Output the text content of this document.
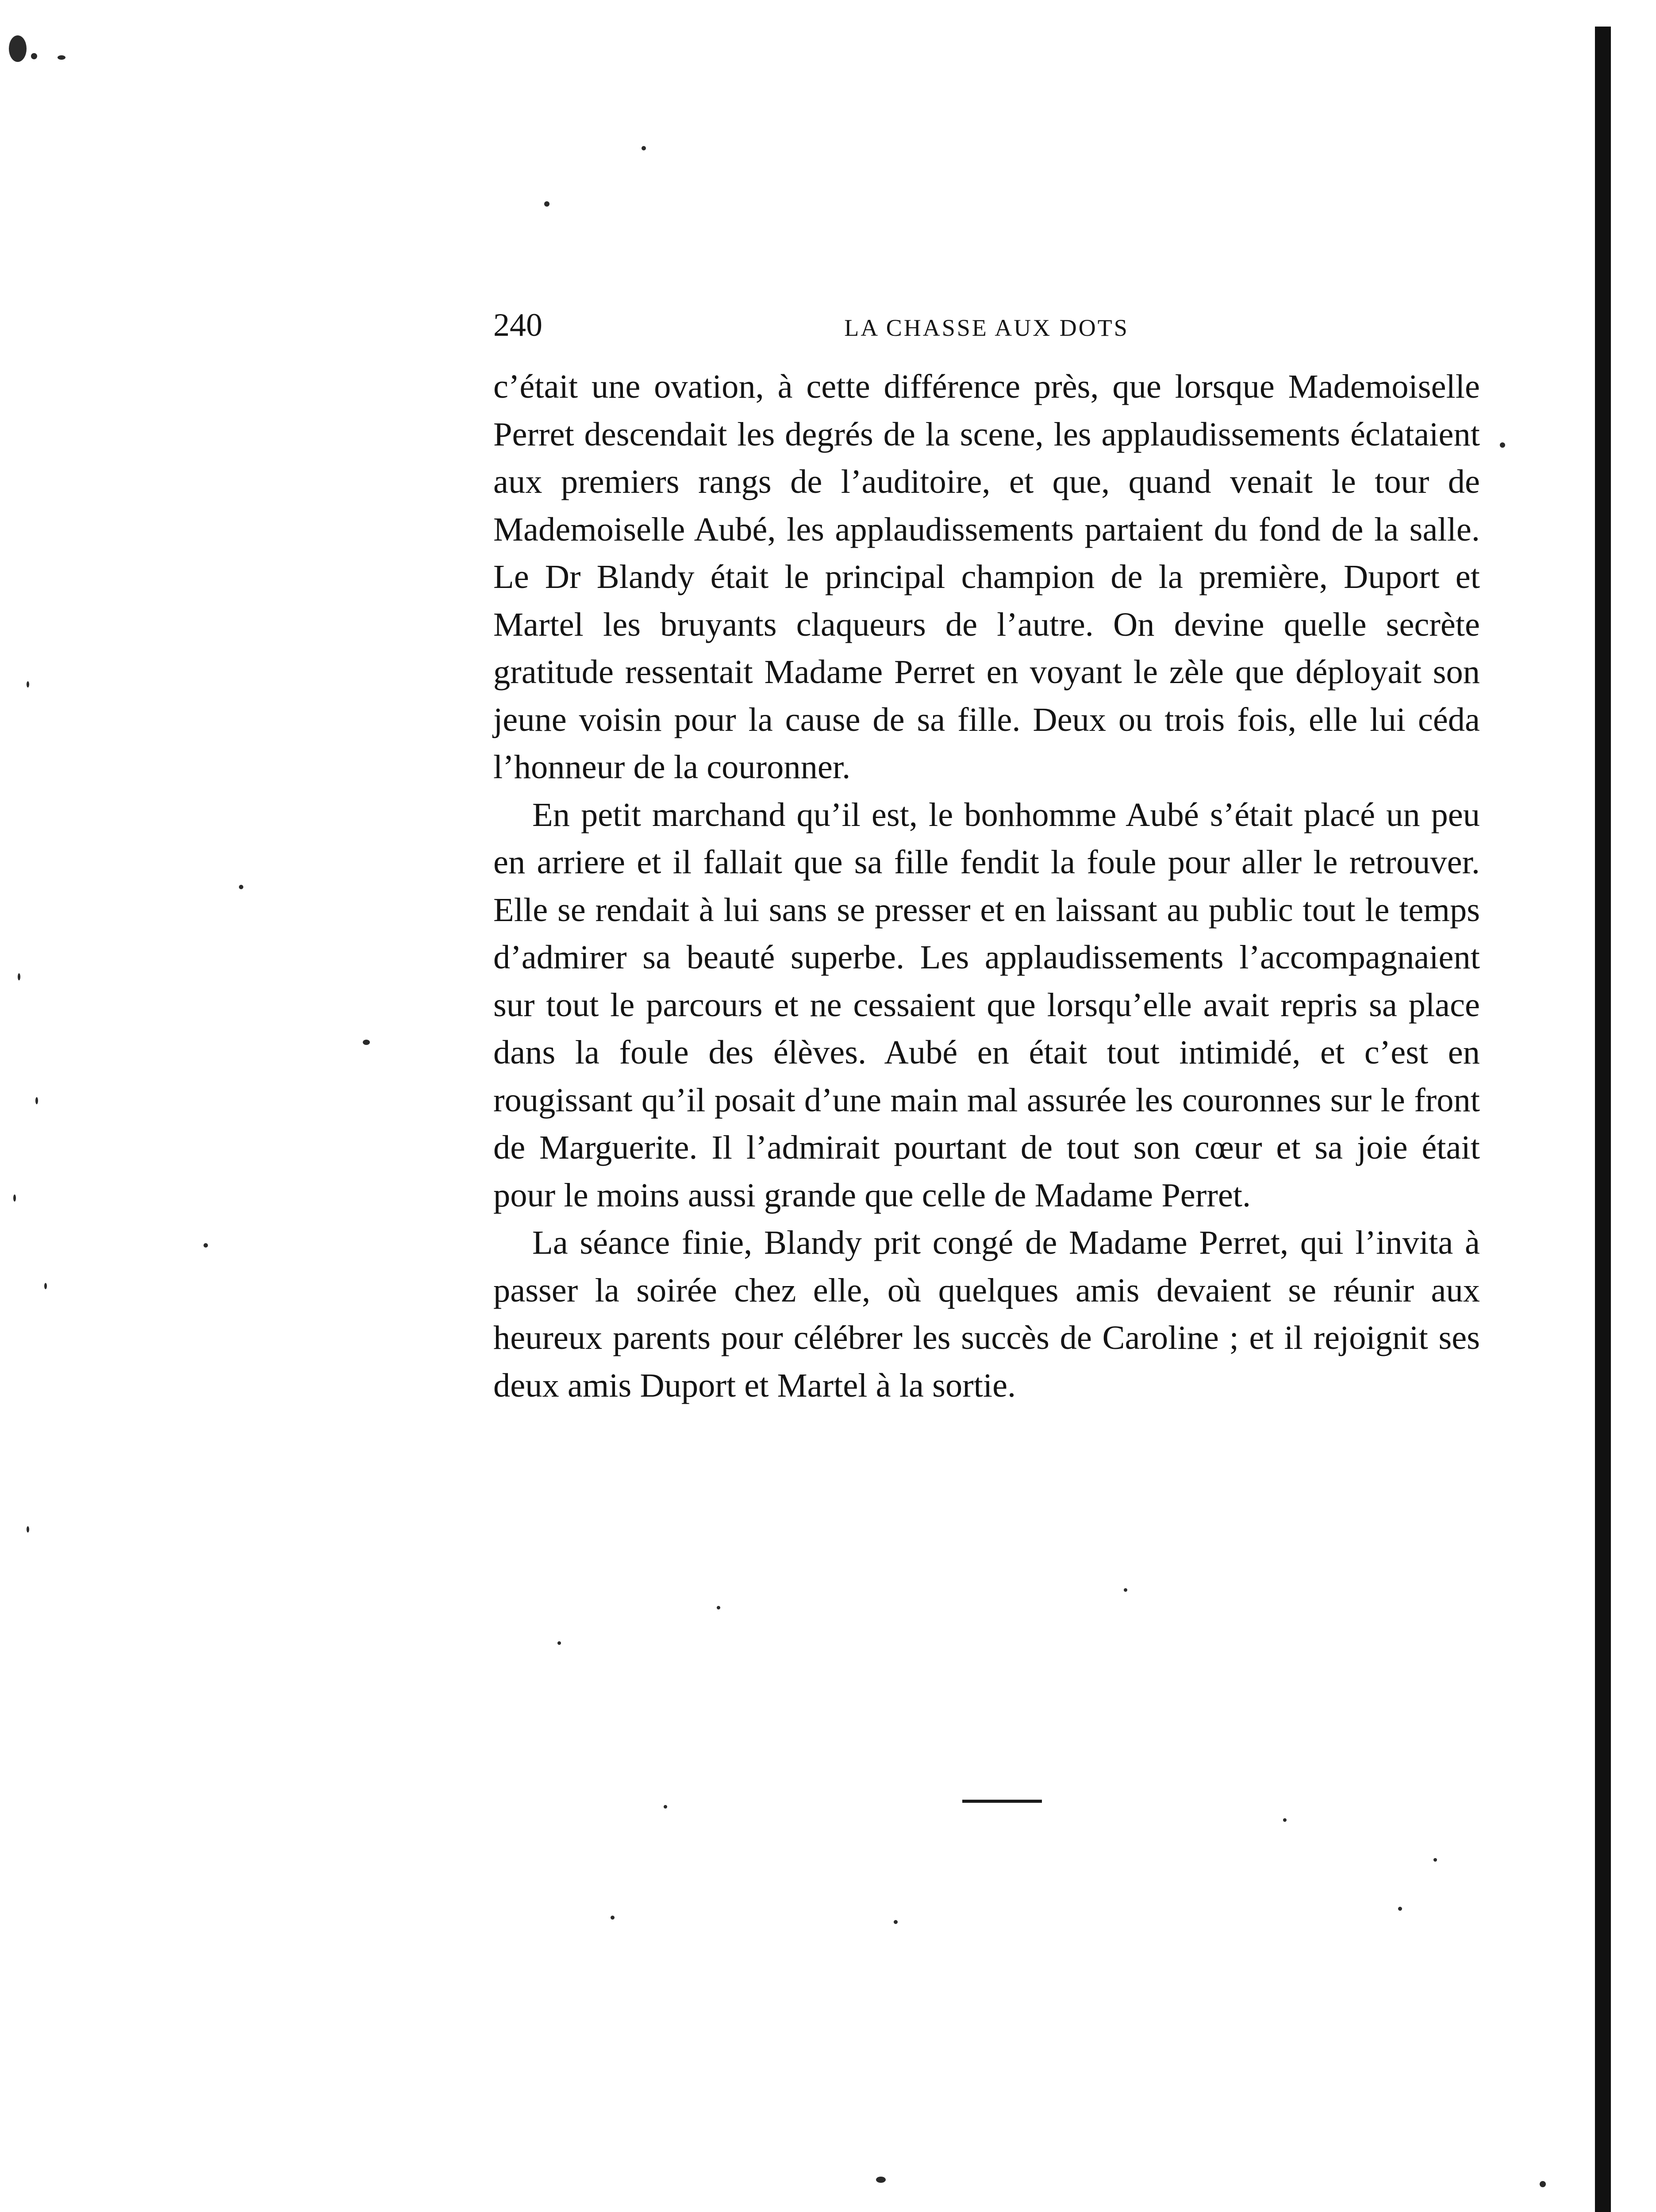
240	LA CHASSE AUX DOTS

c’était une ovation, à cette différence près, que lorsque Mademoiselle Perret descendait les degrés de la scene, les applaudissements éclataient aux premiers rangs de l’auditoire, et que, quand venait le tour de Mademoiselle Aubé, les applaudissements partaient du fond de la salle. Le Dr Blandy était le principal champion de la première, Duport et Martel les bruyants claqueurs de l’autre. On devine quelle secrète gratitude ressentait Madame Perret en voyant le zèle que déployait son jeune voisin pour la cause de sa fille. Deux ou trois fois, elle lui céda l’honneur de la couronner.

En petit marchand qu’il est, le bonhomme Aubé s’était placé un peu en arriere et il fallait que sa fille fendit la foule pour aller le retrouver. Elle se rendait à lui sans se presser et en laissant au public tout le temps d’admirer sa beauté superbe. Les applaudissements l’accompagnaient sur tout le parcours et ne cessaient que lorsqu’elle avait repris sa place dans la foule des élèves. Aubé en était tout intimidé, et c’est en rougissant qu’il posait d’une main mal assurée les couronnes sur le front de Marguerite. Il l’admirait pourtant de tout son cœur et sa joie était pour le moins aussi grande que celle de Madame Perret.

La séance finie, Blandy prit congé de Madame Perret, qui l’invita à passer la soirée chez elle, où quelques amis devaient se réunir aux heureux parents pour célébrer les succès de Caroline ; et il rejoignit ses deux amis Duport et Martel à la sortie.
